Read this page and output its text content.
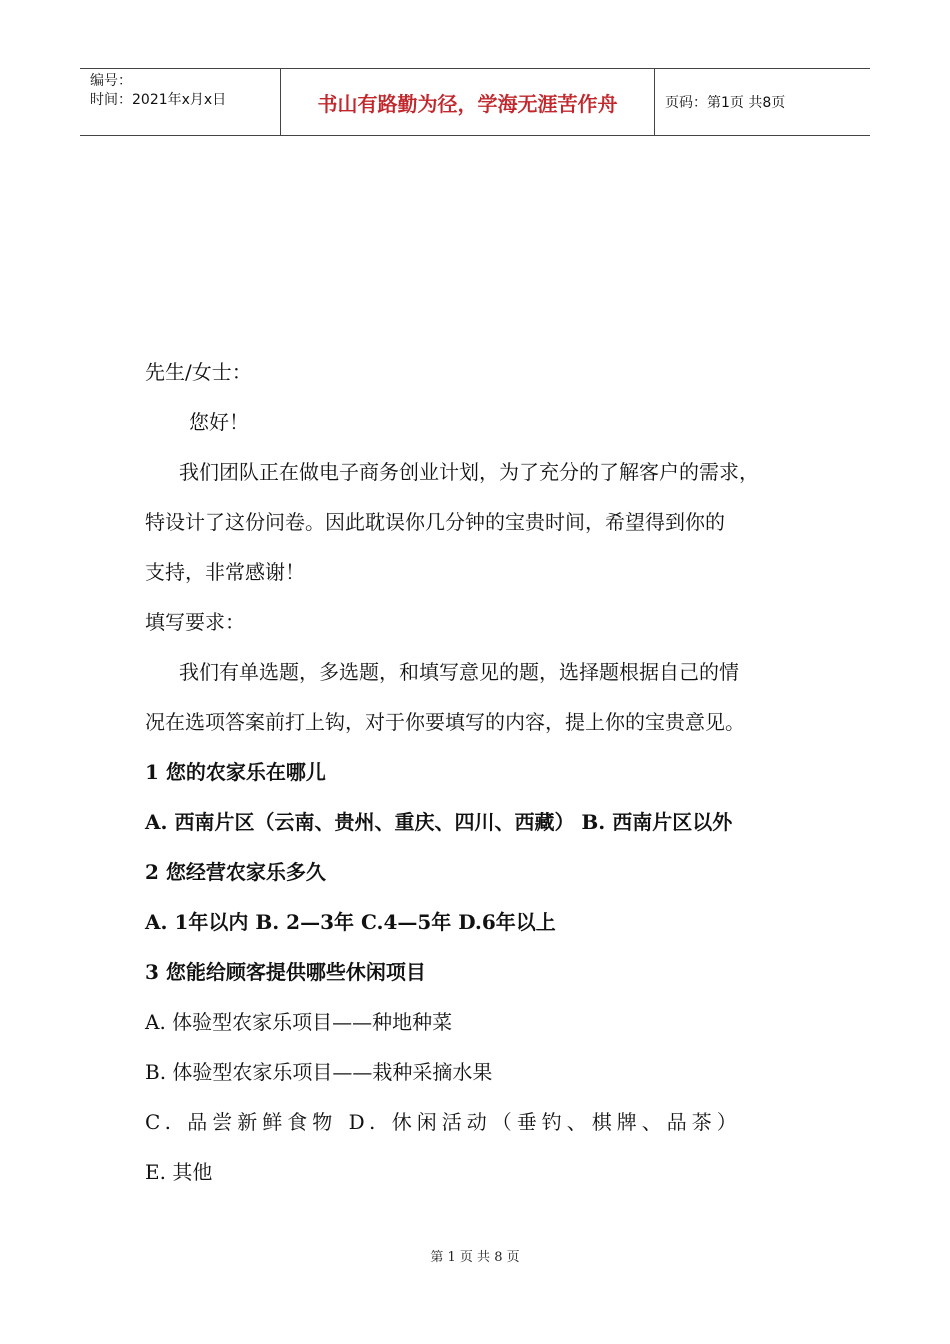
编号：
时间：2021年x月x日	书山有路勤为径，学海无涯苦作舟	页码：第1页 共8页
先生/女士：
您好！
我们团队正在做电子商务创业计划，为了充分的了解客户的需求，
特设计了这份问卷。因此耽误你几分钟的宝贵时间，希望得到你的
支持，非常感谢！
填写要求：
我们有单选题，多选题，和填写意见的题，选择题根据自己的情
况在选项答案前打上钩，对于你要填写的内容，提上你的宝贵意见。
1 您的农家乐在哪儿
A. 西南片区（云南、贵州、重庆、四川、西藏） B. 西南片区以外
2 您经营农家乐多久
A. 1年以内 B. 2—3年 C.4—5年 D.6年以上
3 您能给顾客提供哪些休闲项目
A. 体验型农家乐项目——种地种菜
B. 体验型农家乐项目——栽种采摘水果
C. 品尝新鲜食物 D. 休闲活动（垂钓、棋牌、品茶）
E. 其他
第 1 页 共 8 页
